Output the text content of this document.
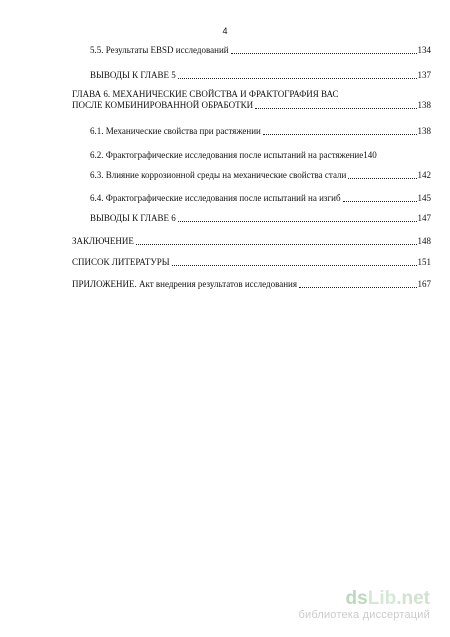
4
5.5. Результаты EBSD исследований	134
ВЫВОДЫ К ГЛАВЕ 5	137
ГЛАВА 6. МЕХАНИЧЕСКИЕ СВОЙСТВА И ФРАКТОГРАФИЯ ВАС
ПОСЛЕ КОМБИНИРОВАННОЙ ОБРАБОТКИ	138
6.1. Механические свойства при растяжении	138
6.2. Фрактографические исследования после испытаний на растяжение 140
6.3. Влияние коррозионной среды на механические свойства стали	142
6.4. Фрактографические исследования после испытаний на изгиб	145
ВЫВОДЫ К ГЛАВЕ 6	147
ЗАКЛЮЧЕНИЕ	148
СПИСОК ЛИТЕРАТУРЫ	151
ПРИЛОЖЕНИЕ. Акт внедрения результатов исследования	167
dsLib.net
библиотека диссертаций
